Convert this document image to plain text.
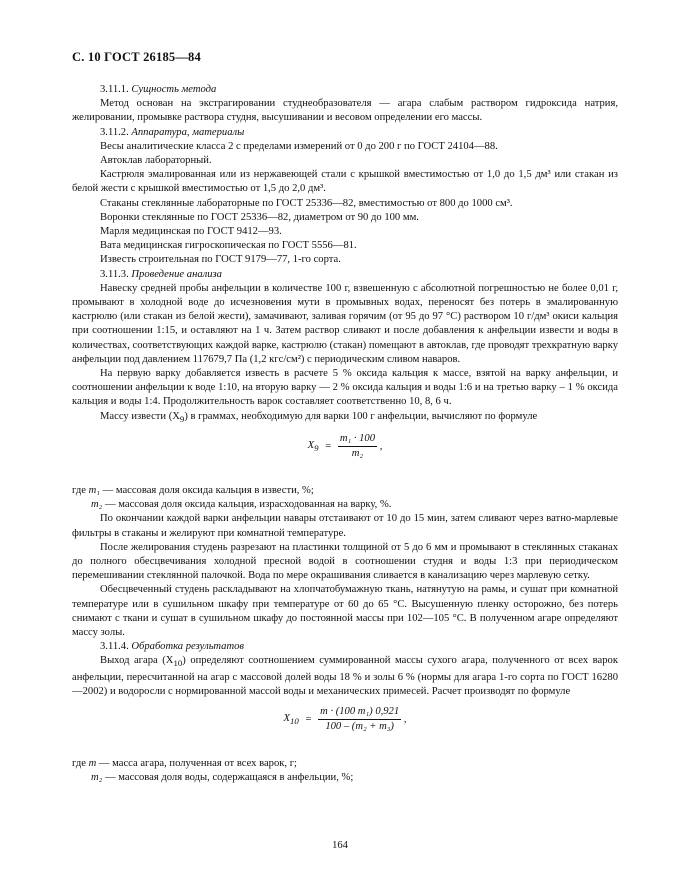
С. 10 ГОСТ 26185—84

3.11.1. Сущность метода

Метод основан на экстрагировании студнеобразователя — агара слабым раствором гидроксида натрия, желировании, промывке раствора студня, высушивании и весовом определении его массы.

3.11.2. Аппаратура, материалы

Весы аналитические класса 2 с пределами измерений от 0 до 200 г по ГОСТ 24104—88.

Автоклав лабораторный.

Кастрюля эмалированная или из нержавеющей стали с крышкой вместимостью от 1,0 до 1,5 дм³ или стакан из белой жести с крышкой вместимостью от 1,5 до 2,0 дм³.

Стаканы стеклянные лабораторные по ГОСТ 25336—82, вместимостью от 800 до 1000 см³.

Воронки стеклянные по ГОСТ 25336—82, диаметром от 90 до 100 мм.

Марля медицинская по ГОСТ 9412—93.

Вата медицинская гигроскопическая по ГОСТ 5556—81.

Известь строительная по ГОСТ 9179—77, 1-го сорта.

3.11.3. Проведение анализа

Навеску средней пробы анфельции в количестве 100 г, взвешенную с абсолютной погрешностью не более 0,01 г, промывают в холодной воде до исчезновения мути в промывных водах, переносят без потерь в эмалированную кастрюлю (или стакан из белой жести), замачивают, заливая горячим (от 95 до 97 °С) раствором 10 г/дм³ окиси кальция при соотношении 1:15, и оставляют на 1 ч. Затем раствор сливают и после добавления к анфельции извести и воды в количествах, соответствующих каждой варке, кастрюлю (стакан) помещают в автоклав, где проводят трехкратную варку анфельции под давлением 117679,7 Па (1,2 кгс/см²) с периодическим сливом наваров.

На первую варку добавляется известь в расчете 5 % оксида кальция к массе, взятой на варку анфельции, и соотношении анфельции к воде 1:10, на вторую варку — 2 % оксида кальция и воды 1:6 и на третью варку – 1 % оксида кальция и воды 1:4. Продолжительность варок составляет соответственно 10, 8, 6 ч.

Массу извести $(X_9)$ в граммах, необходимую для варки 100 г анфельции, вычисляют по формуле

$X_9 = \frac{\text{m₁ · 100}}{\text{m₂}}$ ,

где m₁ — массовая доля оксида кальция в извести, %;

m₂ — массовая доля оксида кальция, израсходованная на варку, %.

По окончании каждой варки анфельции навары отстаивают от 10 до 15 мин, затем сливают через ватно-марлевые фильтры в стаканы и желируют при комнатной температуре.

После желирования студень разрезают на пластинки толщиной от 5 до 6 мм и промывают в стеклянных стаканах до полного обесцвечивания холодной пресной водой в соотношении студня и воды 1:3 при периодическом перемешивании стеклянной палочкой. Вода по мере окрашивания сливается в канализацию через марлевую сетку.

Обесцвеченный студень раскладывают на хлопчатобумажную ткань, натянутую на рамы, и сушат при комнатной температуре или в сушильном шкафу при температуре от 60 до 65 °С. Высушенную пленку осторожно, без потерь снимают с ткани и сушат в сушильном шкафу до постоянной массы при 102—105 °С. В полученном агаре определяют массу золы.

3.11.4. Обработка результатов

Выход агара $(X_{10})$ определяют соотношением суммированной массы сухого агара, полученного от всех варок анфельции, пересчитанной на агар с массовой долей воды 18 % и золы 6 % (нормы для агара 1-го сорта по ГОСТ 16280—2002) и водоросли с нормированной массой воды и механических примесей. Расчет производят по формуле

$X_{10} = \frac{\text{m · (100 m₁) 0,921}}{\text{100 – (m₂ + m₃)}}$ ,

где m — масса агара, полученная от всех варок, г;

m₂ — массовая доля воды, содержащаяся в анфельции, %;

164
